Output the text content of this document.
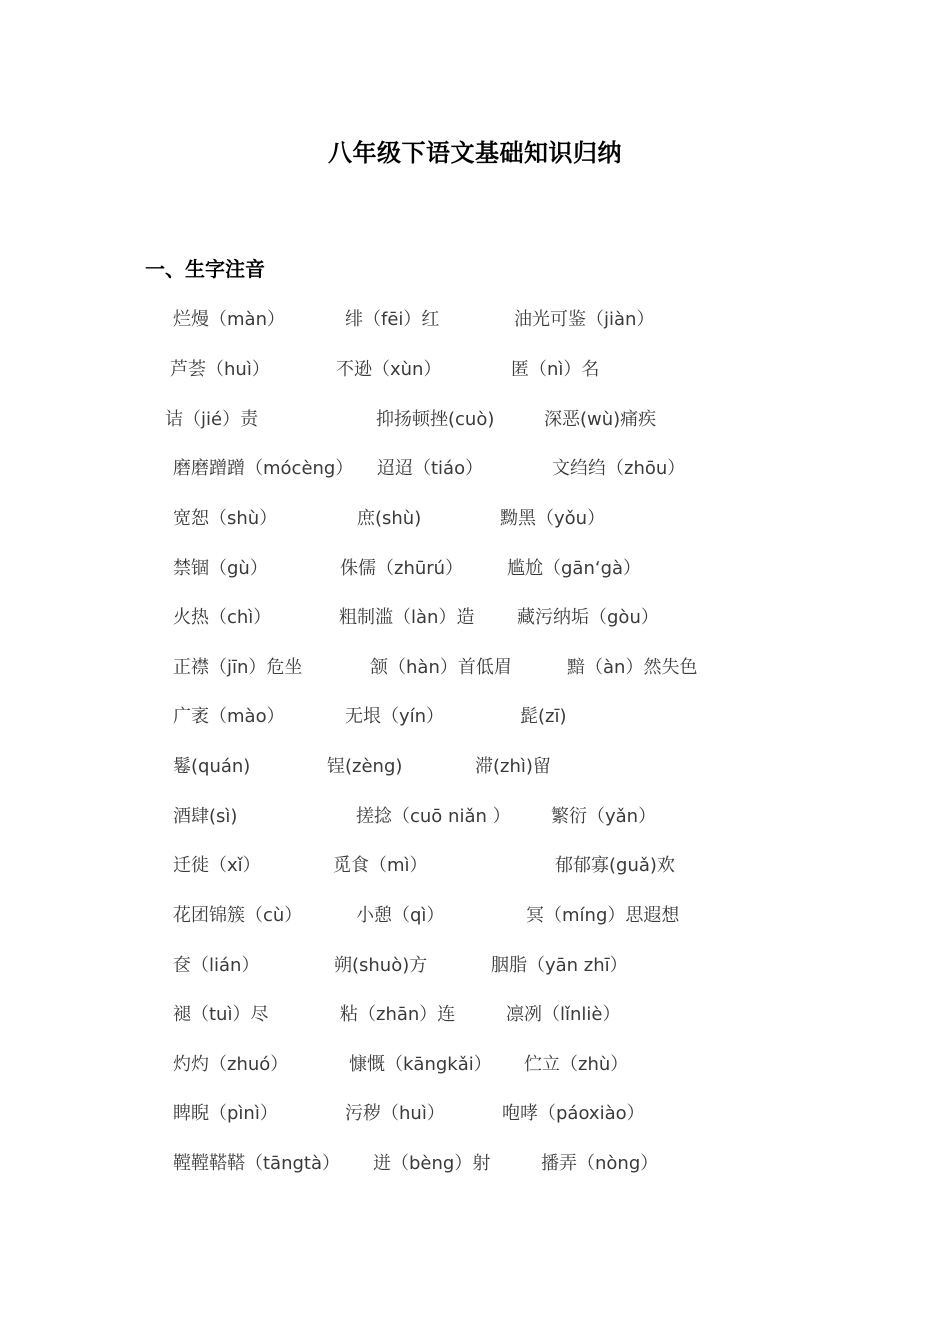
八年级下语文基础知识归纳
一、生字注音
烂熳（màn）	绯（fēi）红	油光可鉴（jiàn）
芦荟（huì）	不逊（xùn）	匿（nì）名
诘（jié）责	抑扬顿挫(cuò)	深恶(wù)痛疾
磨磨蹭蹭（mócèng） 迢迢（tiáo）	文绉绉（zhōu）
宽恕（shù）	庶(shù)	黝黑（yǒu）
禁锢（gù）	侏儒（zhūrú） 尴尬（gān‘gà）
火热（chì）	粗制滥（làn）造 藏污纳垢（gòu）
正襟（jīn）危坐	颔（hàn）首低眉	黯（àn）然失色
广袤（mào）	无垠（yín）	髭(zī)
鬈(quán)	锃(zèng)	滞(zhì)留
酒肆(sì)	搓捻（cuō niǎn ） 繁衍（yǎn）
迁徙（xǐ）	觅食（mì）	郁郁寡(guǎ)欢
花团锦簇（cù）	小憩（qì）	冥（míng）思遐想
奁（lián）	朔(shuò)方	胭脂（yān zhī）
褪（tuì）尽	粘（zhān）连	凛冽（lǐnliè）
灼灼（zhuó）	慷慨（kāngkǎi） 伫立（zhù）
睥睨（pìnì）	污秽（huì）	咆哮（páoxiào）
鞺鞺鞳鞳（tāngtà） 迸（bèng）射	播弄（nòng）
